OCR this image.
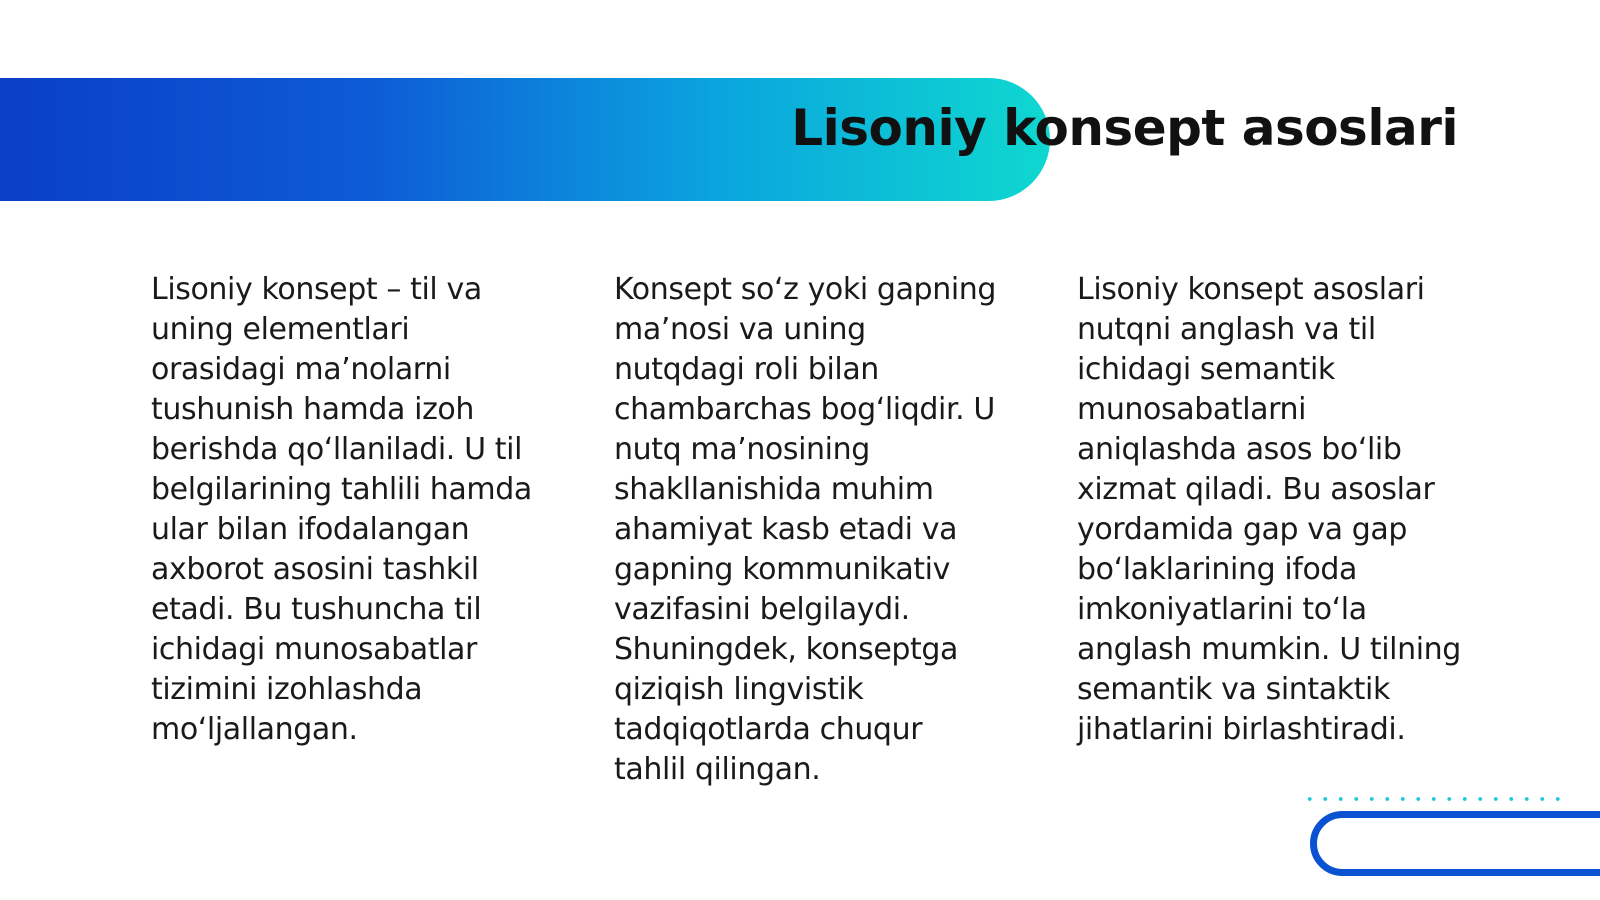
Lisoniy konsept asoslari

Lisoniy konsept – til va uning elementlari orasidagi ma’nolarni tushunish hamda izoh berishda qo‘llaniladi. U til belgilarining tahlili hamda ular bilan ifodalangan axborot asosini tashkil etadi. Bu tushuncha til ichidagi munosabatlar tizimini izohlashda mo‘ljallangan.

Konsept so‘z yoki gapning ma’nosi va uning nutqdagi roli bilan chambarchas bog‘liqdir. U nutq ma’nosining shakllanishida muhim ahamiyat kasb etadi va gapning kommunikativ vazifasini belgilaydi. Shuningdek, konseptga qiziqish lingvistik tadqiqotlarda chuqur tahlil qilingan.

Lisoniy konsept asoslari nutqni anglash va til ichidagi semantik munosabatlarni aniqlashda asos bo‘lib xizmat qiladi. Bu asoslar yordamida gap va gap bo‘laklarining ifoda imkoniyatlarini to‘la anglash mumkin. U tilning semantik va sintaktik jihatlarini birlashtiradi.
